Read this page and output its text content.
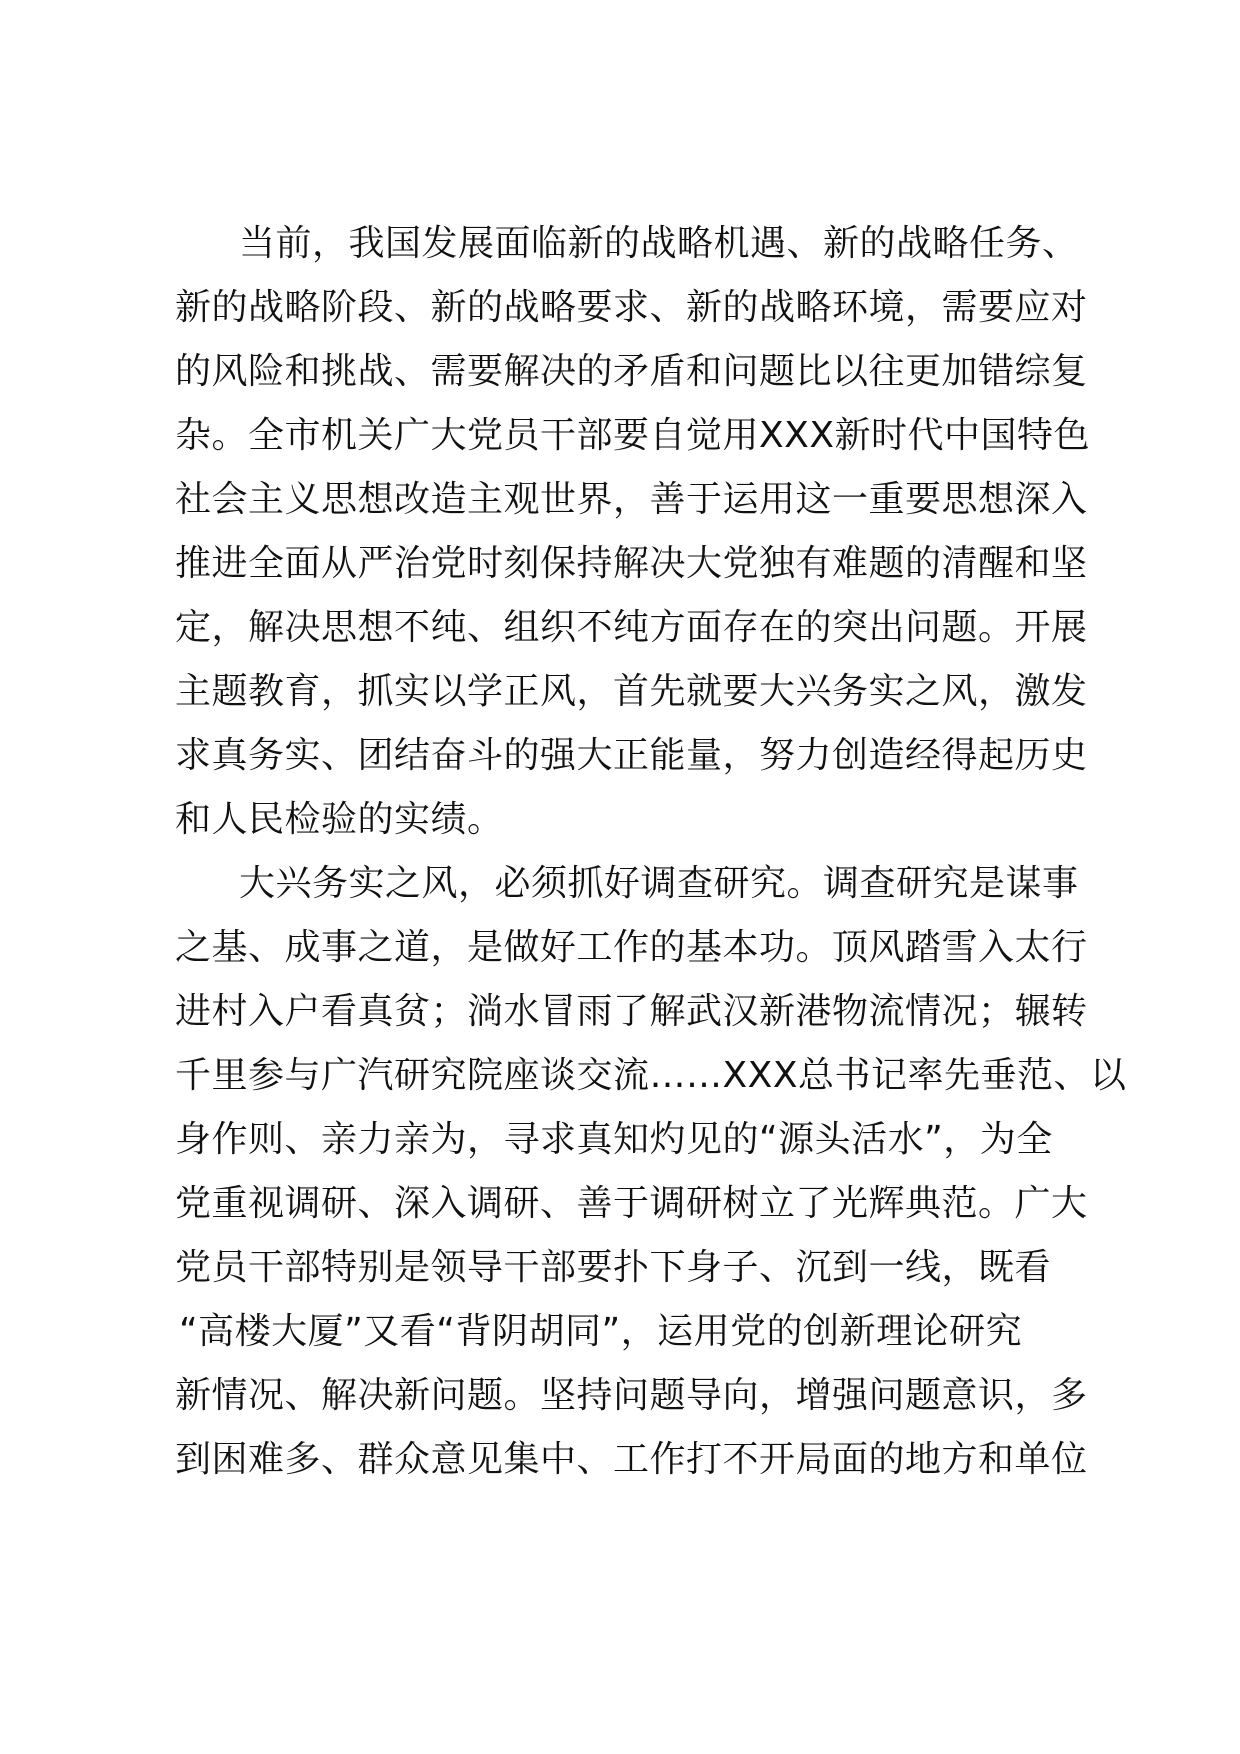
当前，我国发展面临新的战略机遇、新的战略任务、
新的战略阶段、新的战略要求、新的战略环境，需要应对
的风险和挑战、需要解决的矛盾和问题比以往更加错综复
杂。全市机关广大党员干部要自觉用XXX新时代中国特色
社会主义思想改造主观世界，善于运用这一重要思想深入
推进全面从严治党时刻保持解决大党独有难题的清醒和坚
定，解决思想不纯、组织不纯方面存在的突出问题。开展
主题教育，抓实以学正风，首先就要大兴务实之风，激发
求真务实、团结奋斗的强大正能量，努力创造经得起历史
和人民检验的实绩。
大兴务实之风，必须抓好调查研究。调查研究是谋事
之基、成事之道，是做好工作的基本功。顶风踏雪入太行
进村入户看真贫；淌水冒雨了解武汉新港物流情况；辗转
千里参与广汽研究院座谈交流……XXX总书记率先垂范、以
身作则、亲力亲为，寻求真知灼见的“源头活水”，为全
党重视调研、深入调研、善于调研树立了光辉典范。广大
党员干部特别是领导干部要扑下身子、沉到一线，既看
“高楼大厦”又看“背阴胡同”，运用党的创新理论研究
新情况、解决新问题。坚持问题导向，增强问题意识，多
到困难多、群众意见集中、工作打不开局面的地方和单位
